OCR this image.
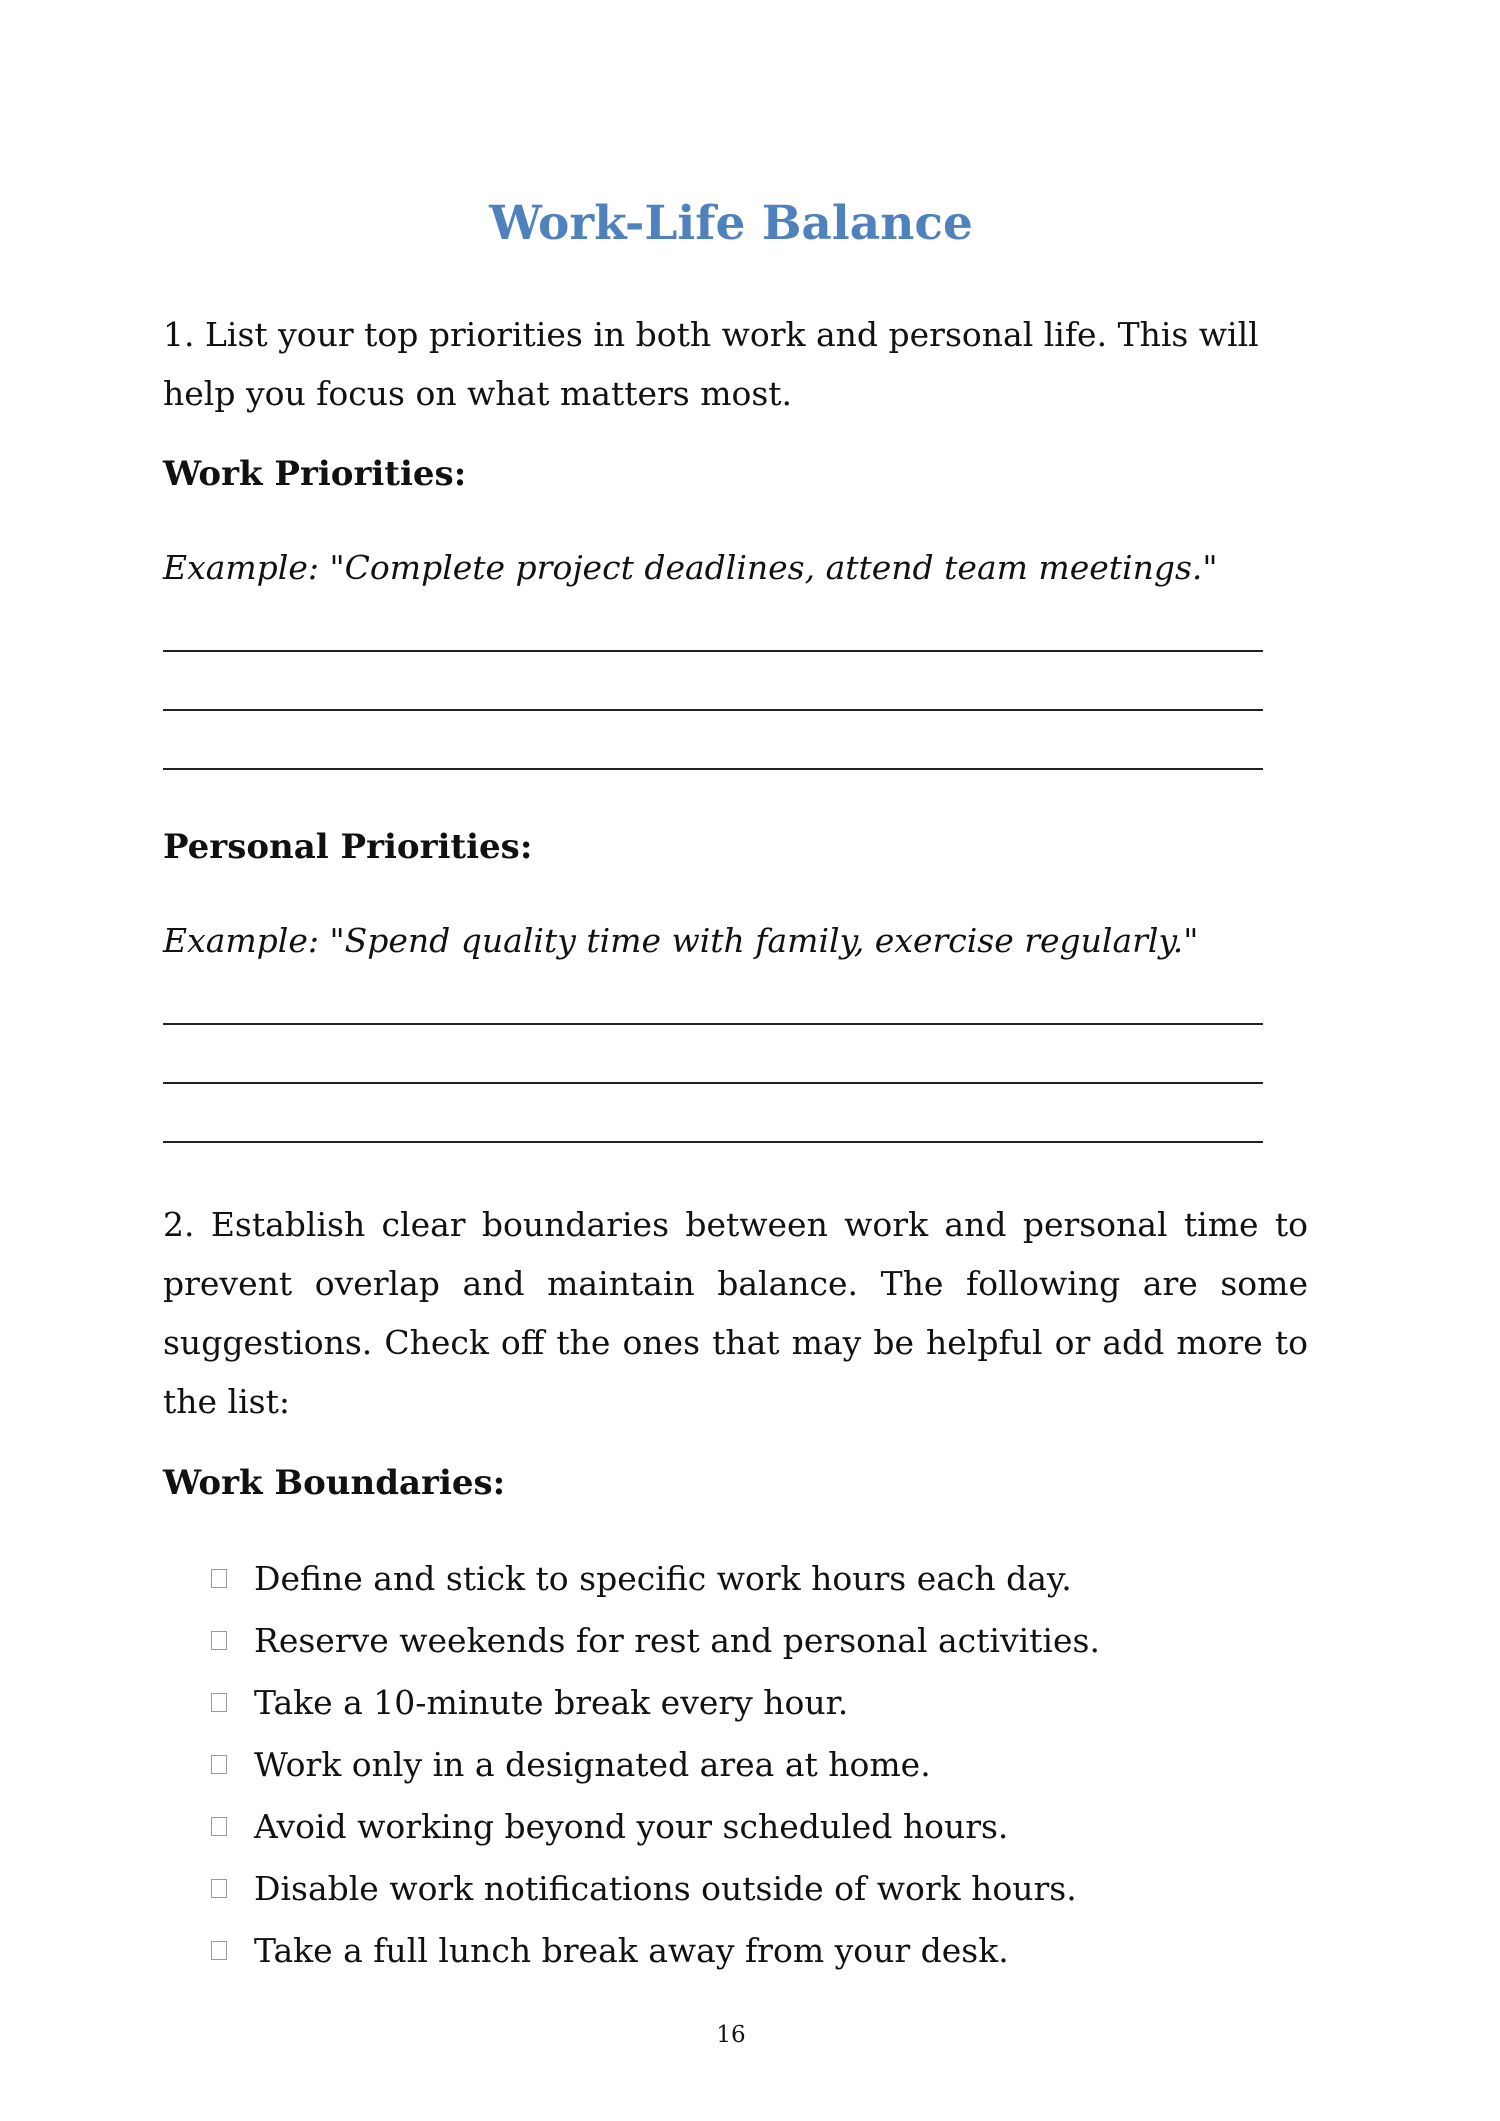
Work-Life Balance

1. List your top priorities in both work and personal life. This will help you focus on what matters most.

Work Priorities:

Example: "Complete project deadlines, attend team meetings."

Personal Priorities:

Example: "Spend quality time with family, exercise regularly."

2. Establish clear boundaries between work and personal time to prevent overlap and maintain balance. The following are some suggestions. Check off the ones that may be helpful or add more to the list:

Work Boundaries:

Define and stick to specific work hours each day.
Reserve weekends for rest and personal activities.
Take a 10-minute break every hour.
Work only in a designated area at home.
Avoid working beyond your scheduled hours.
Disable work notifications outside of work hours.
Take a full lunch break away from your desk.

16
